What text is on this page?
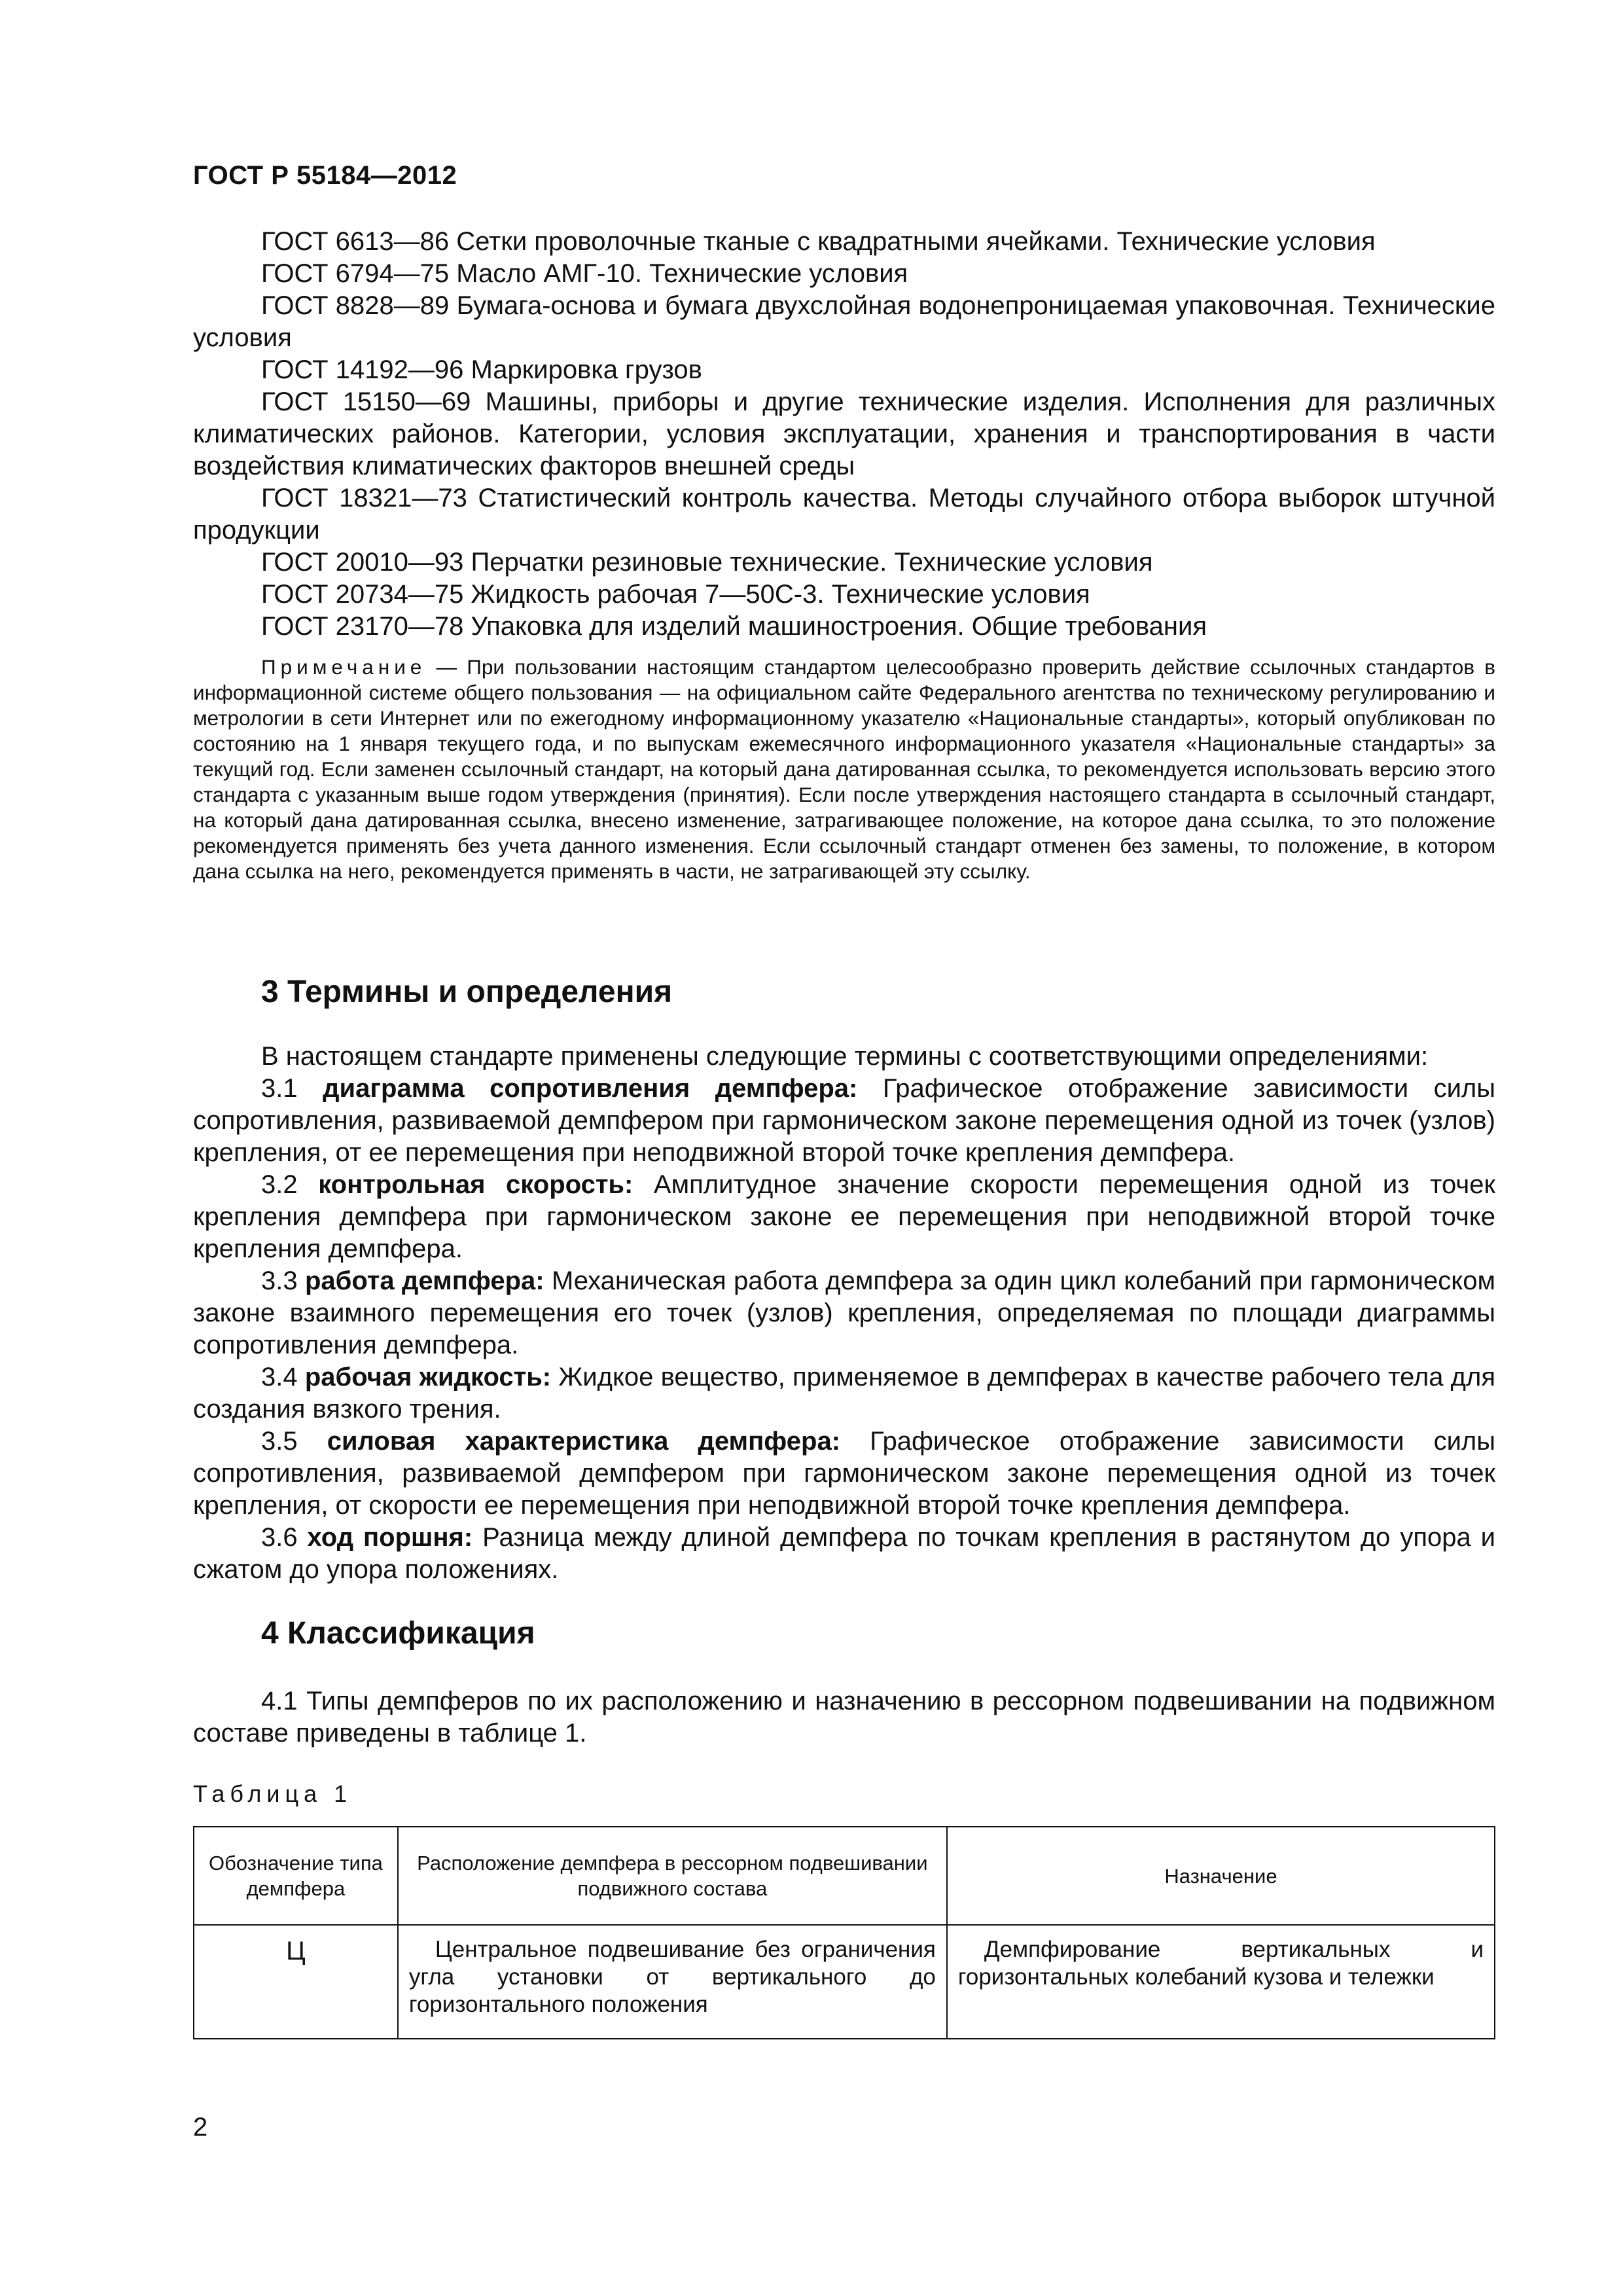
ГОСТ Р 55184—2012

ГОСТ 6613—86 Сетки проволочные тканые с квадратными ячейками. Технические условия

ГОСТ 6794—75 Масло АМГ-10. Технические условия

ГОСТ 8828—89 Бумага-основа и бумага двухслойная водонепроницаемая упаковочная. Технические условия

ГОСТ 14192—96 Маркировка грузов

ГОСТ 15150—69 Машины, приборы и другие технические изделия. Исполнения для различных климатических районов. Категории, условия эксплуатации, хранения и транспортирования в части воздействия климатических факторов внешней среды

ГОСТ 18321—73 Статистический контроль качества. Методы случайного отбора выборок штучной продукции

ГОСТ 20010—93 Перчатки резиновые технические. Технические условия

ГОСТ 20734—75 Жидкость рабочая 7—50С-3. Технические условия

ГОСТ 23170—78 Упаковка для изделий машиностроения. Общие требования

Примечание — При пользовании настоящим стандартом целесообразно проверить действие ссылочных стандартов в информационной системе общего пользования — на официальном сайте Федерального агентства по техническому регулированию и метрологии в сети Интернет или по ежегодному информационному указателю «Национальные стандарты», который опубликован по состоянию на 1 января текущего года, и по выпускам ежемесячного информационного указателя «Национальные стандарты» за текущий год. Если заменен ссылочный стандарт, на который дана датированная ссылка, то рекомендуется использовать версию этого стандарта с указанным выше годом утверждения (принятия). Если после утверждения настоящего стандарта в ссылочный стандарт, на который дана датированная ссылка, внесено изменение, затрагивающее положение, на которое дана ссылка, то это положение рекомендуется применять без учета данного изменения. Если ссылочный стандарт отменен без замены, то положение, в котором дана ссылка на него, рекомендуется применять в части, не затрагивающей эту ссылку.

3 Термины и определения

В настоящем стандарте применены следующие термины с соответствующими определениями:

3.1 диаграмма сопротивления демпфера: Графическое отображение зависимости силы сопротивления, развиваемой демпфером при гармоническом законе перемещения одной из точек (узлов) крепления, от ее перемещения при неподвижной второй точке крепления демпфера.

3.2 контрольная скорость: Амплитудное значение скорости перемещения одной из точек крепления демпфера при гармоническом законе ее перемещения при неподвижной второй точке крепления демпфера.

3.3 работа демпфера: Механическая работа демпфера за один цикл колебаний при гармоническом законе взаимного перемещения его точек (узлов) крепления, определяемая по площади диаграммы сопротивления демпфера.

3.4 рабочая жидкость: Жидкое вещество, применяемое в демпферах в качестве рабочего тела для создания вязкого трения.

3.5 силовая характеристика демпфера: Графическое отображение зависимости силы сопротивления, развиваемой демпфером при гармоническом законе перемещения одной из точек крепления, от скорости ее перемещения при неподвижной второй точке крепления демпфера.

3.6 ход поршня: Разница между длиной демпфера по точкам крепления в растянутом до упора и сжатом до упора положениях.

4 Классификация

4.1 Типы демпферов по их расположению и назначению в рессорном подвешивании на подвижном составе приведены в таблице 1.

Таблица 1
Обозначение типа демпфера	Расположение демпфера в рессорном подвешивании подвижного состава	Назначение
Ц	Центральное подвешивание без ограничения угла установки от вертикального до горизонтального положения	Демпфирование вертикальных и горизонтальных колебаний кузова и тележки
2
